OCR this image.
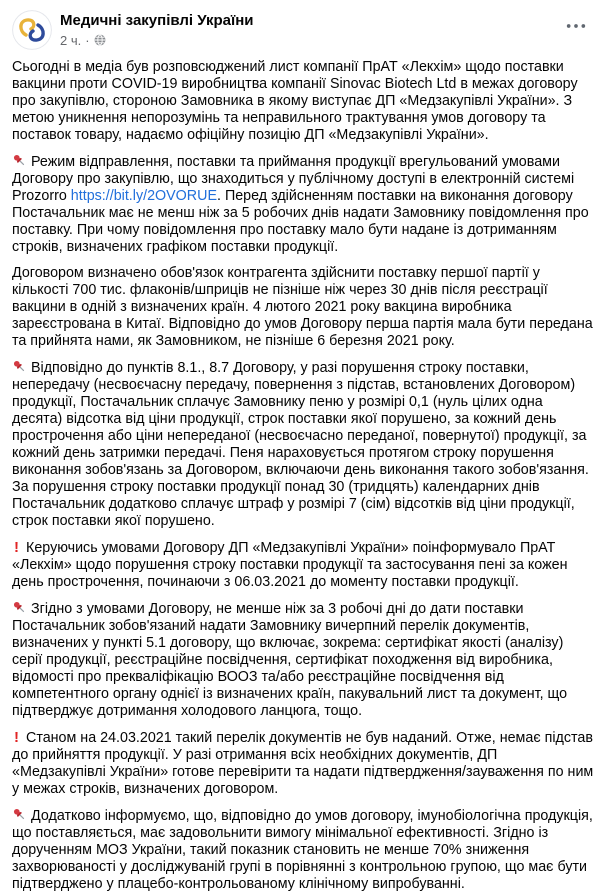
Медичні закупівлі України
2 ч. ·

Сьогодні в медіа був розповсюджений лист компанії ПрАТ «Лекхім» щодо поставки вакцини проти COVID-19 виробництва компанії Sinovac Biotech Ltd в межах договору про закупівлю, стороною Замовника в якому виступає ДП «Медзакупівлі України». З метою уникнення непорозумінь та неправильного трактування умов договору та поставок товару, надаємо офіційну позицію ДП «Медзакупівлі України».

Режим відправлення, поставки та приймання продукції врегульований умовами Договору про закупівлю, що знаходиться у публічному доступі в електронній системі Prozorro https://bit.ly/2OVORUE. Перед здійсненням поставки на виконання договору Постачальник має не менш ніж за 5 робочих днів надати Замовнику повідомлення про поставку. При чому повідомлення про поставку мало бути надане із дотриманням строків, визначених графіком поставки продукції.

Договором визначено обов'язок контрагента здійснити поставку першої партії у кількості 700 тис. флаконів/шприців не пізніше ніж через 30 днів після реєстрації вакцини в одній з визначених країн. 4 лютого 2021 року вакцина виробника зареєстрована в Китаї. Відповідно до умов Договору перша партія мала бути передана та прийнята нами, як Замовником, не пізніше 6 березня 2021 року.

Відповідно до пунктів 8.1., 8.7 Договору, у разі порушення строку поставки, непередачу (несвоєчасну передачу, повернення з підстав, встановлених Договором) продукції, Постачальник сплачує Замовнику пеню у розмірі 0,1 (нуль цілих одна десята) відсотка від ціни продукції, строк поставки якої порушено, за кожний день прострочення або ціни непереданої (несвоєчасно переданої, повернутої) продукції, за кожний день затримки передачі. Пеня нараховується протягом строку порушення виконання зобов'язань за Договором, включаючи день виконання такого зобов'язання. За порушення строку поставки продукції понад 30 (тридцять) календарних днів Постачальник додатково сплачує штраф у розмірі 7 (сім) відсотків від ціни продукції, строк поставки якої порушено.

! Керуючись умовами Договору ДП «Медзакупівлі України» поінформувало ПрАТ «Лекхім» щодо порушення строку поставки продукції та застосування пені за кожен день прострочення, починаючи з 06.03.2021 до моменту поставки продукції.

Згідно з умовами Договору, не менше ніж за 3 робочі дні до дати поставки Постачальник зобов'язаний надати Замовнику вичерпний перелік документів, визначених у пункті 5.1 договору, що включає, зокрема: сертифікат якості (аналізу) серії продукції, реєстраційне посвідчення, сертифікат походження від виробника, відомості про прекваліфікацію ВООЗ та/або реєстраційне посвідчення від компетентного органу однієї із визначених країн, пакувальний лист та документ, що підтверджує дотримання холодового ланцюга, тощо.

! Станом на 24.03.2021 такий перелік документів не був наданий. Отже, немає підстав до прийняття продукції. У разі отримання всіх необхідних документів, ДП «Медзакупівлі України» готове перевірити та надати підтвердження/зауваження по ним у межах строків, визначених договором.

Додатково інформуємо, що, відповідно до умов договору, імунобіологічна продукція, що поставляється, має задовольнити вимогу мінімальної ефективності. Згідно із дорученням МОЗ України, такий показник становить не менше 70% зниження захворюваності у досліджуваній групі в порівнянні з контрольною групою, що має бути підтверджено у плацебо-контрольованому клінічному випробуванні.
